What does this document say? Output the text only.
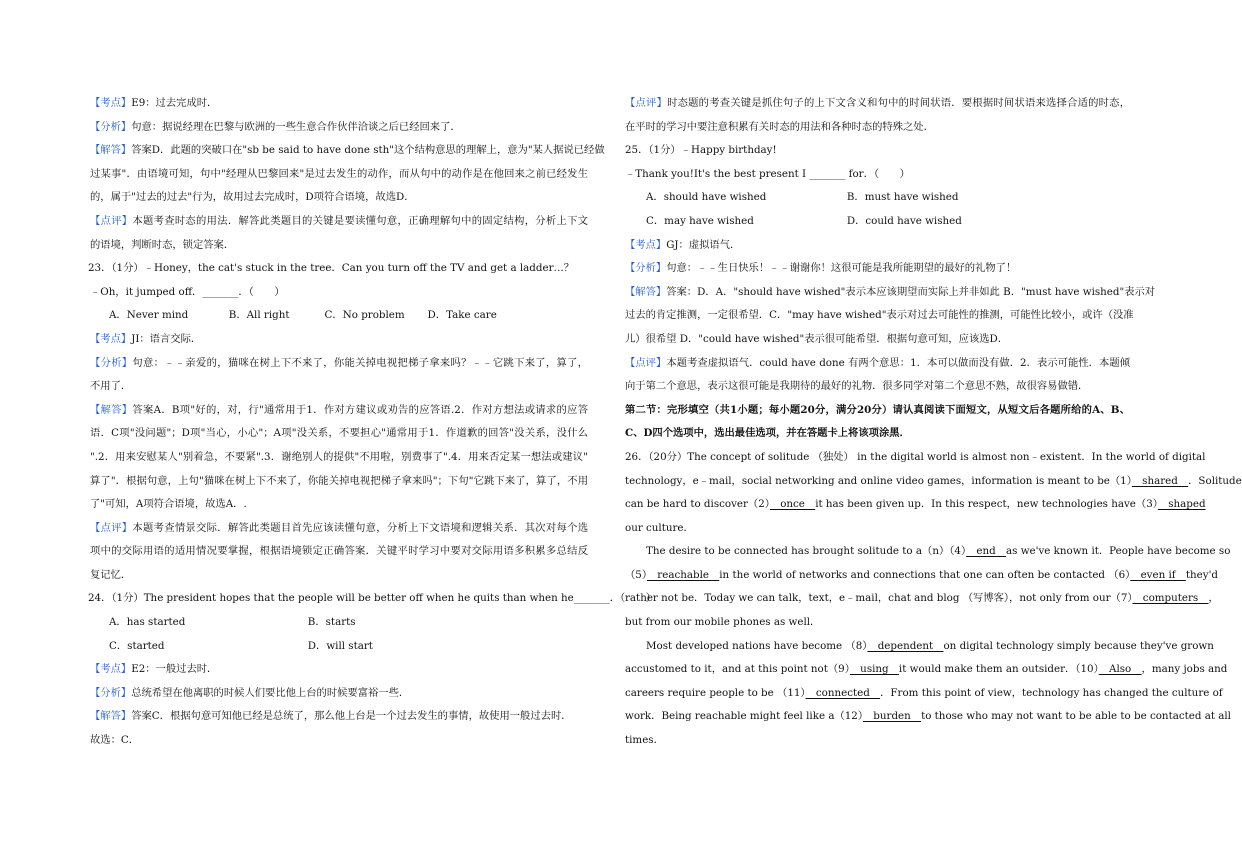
【考点】E9：过去完成时．
【分析】句意：据说经理在巴黎与欧洲的一些生意合作伙伴洽谈之后已经回来了．
【解答】答案D．此题的突破口在"sb be said to have done sth"这个结构意思的理解上，意为"某人据说已经做
过某事"．由语境可知，句中"经理从巴黎回来"是过去发生的动作，而从句中的动作是在他回来之前已经发生
的，属于"过去的过去"行为，故用过去完成时，D项符合语境，故选D．
【点评】本题考查时态的用法．解答此类题目的关键是要读懂句意，正确理解句中的固定结构，分析上下文
的语境，判断时态，锁定答案．
23．（1分）﹣Honey，the cat's stuck in the tree．Can you turn off the TV and get a ladder…？
﹣Oh，it jumped off．_______．（　　）
A．Never mind	B．All right	C．No problem	D．Take care
【考点】JI：语言交际．
【分析】句意：﹣﹣亲爱的，猫咪在树上下不来了，你能关掉电视把梯子拿来吗？﹣﹣它跳下来了，算了，
不用了．
【解答】答案A．B项"好的，对，行"通常用于1．作对方建议或劝告的应答语.2．作对方想法或请求的应答
语．C项"没问题"；D项"当心，小心"；A项"没关系，不要担心"通常用于1．作道歉的回答"没关系，没什么
".2．用来安慰某人"别着急，不要紧".3．谢绝别人的提供"不用啦，别费事了".4．用来否定某一想法或建议"
算了"．根据句意，上句"猫咪在树上下不来了，你能关掉电视把梯子拿来吗"；下句"它跳下来了，算了，不用
了"可知，A项符合语境，故选A．.
【点评】本题考查情景交际．解答此类题目首先应该读懂句意，分析上下文语境和逻辑关系．其次对每个选
项中的交际用语的适用情况要掌握，根据语境锁定正确答案．关键平时学习中要对交际用语多积累多总结反
复记忆．
24．（1分）The president hopes that the people will be better off when he quits than when he_______．（　　）
A．has started	B．starts
C．started	D．will start
【考点】E2：一般过去时．
【分析】总统希望在他离职的时候人们要比他上台的时候要富裕一些．
【解答】答案C．根据句意可知他已经是总统了，那么他上台是一个过去发生的事情，故使用一般过去时．
故选：C．
【点评】时态题的考查关键是抓住句子的上下文含义和句中的时间状语．要根据时间状语来选择合适的时态，
在平时的学习中要注意积累有关时态的用法和各种时态的特殊之处．
25．（1分）﹣Happy birthday!
﹣Thank you!It's the best present I _______ for．（　　）
A．should have wished	B．must have wished
C．may have wished	D．could have wished
【考点】GJ：虚拟语气．
【分析】句意：﹣﹣生日快乐！﹣﹣谢谢你！这很可能是我所能期望的最好的礼物了！
【解答】答案：D．A．"should have wished"表示本应该期望而实际上并非如此 B．"must have wished"表示对
过去的肯定推测，一定很希望．C．"may have wished"表示对过去可能性的推测，可能性比较小，或许（没准
儿）很希望 D．"could have wished"表示很可能希望．根据句意可知，应该选D．
【点评】本题考查虚拟语气．could have done 有两个意思：1．本可以做而没有做．2．表示可能性．本题倾
向于第二个意思，表示这很可能是我期待的最好的礼物．很多同学对第二个意思不熟，故很容易做错．
第二节：完形填空（共1小题；每小题20分，满分20分）请认真阅读下面短文，从短文后各题所给的A、B、
C、D四个选项中，选出最佳选项，并在答题卡上将该项涂黑．
26．（20分）The concept of solitude （独处） in the digital world is almost non﹣existent．In the world of digital
technology，e﹣mail，social networking and online video games，information is meant to be（1）　shared　．Solitude
can be hard to discover（2）　once　it has been given up．In this respect，new technologies have（3）　shaped
our culture．
The desire to be connected has brought solitude to a（n）（4）　end　as we've known it．People have become so
（5）　reachable　in the world of networks and connections that one can often be contacted （6）　even if　they'd
rather not be．Today we can talk，text，e﹣mail，chat and blog （写博客），not only from our（7）　computers　，
but from our mobile phones as well．
Most developed nations have become （8）　dependent　on digital technology simply because they've grown
accustomed to it，and at this point not（9）　using　it would make them an outsider．（10）　Also　，many jobs and
careers require people to be （11）　connected　．From this point of view，technology has changed the culture of
work．Being reachable might feel like a（12）　burden　to those who may not want to be able to be contacted at all
times．
